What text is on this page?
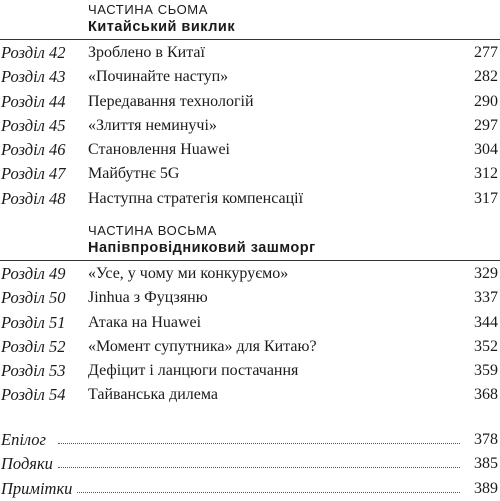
ЧАСТИНА СЬОМА
Китайський виклик
Розділ 42 Зроблено в Китаї	277
Розділ 43 «Починайте наступ»	282
Розділ 44 Передавання технологій	290
Розділ 45 «Злиття неминучі»	297
Розділ 46 Становлення Huawei	304
Розділ 47 Майбутнє 5G	312
Розділ 48 Наступна стратегія компенсації	317
ЧАСТИНА ВОСЬМА
Напівпровідниковий зашморг
Розділ 49 «Усе, у чому ми конкуруємо»	329
Розділ 50 Jinhua з Фуцзяню	337
Розділ 51 Атака на Huawei	344
Розділ 52 «Момент супутника» для Китаю?	352
Розділ 53 Дефіцит і ланцюги постачання	359
Розділ 54 Тайванська дилема	368
Епілог	378
Подяки	385
Примітки	389
